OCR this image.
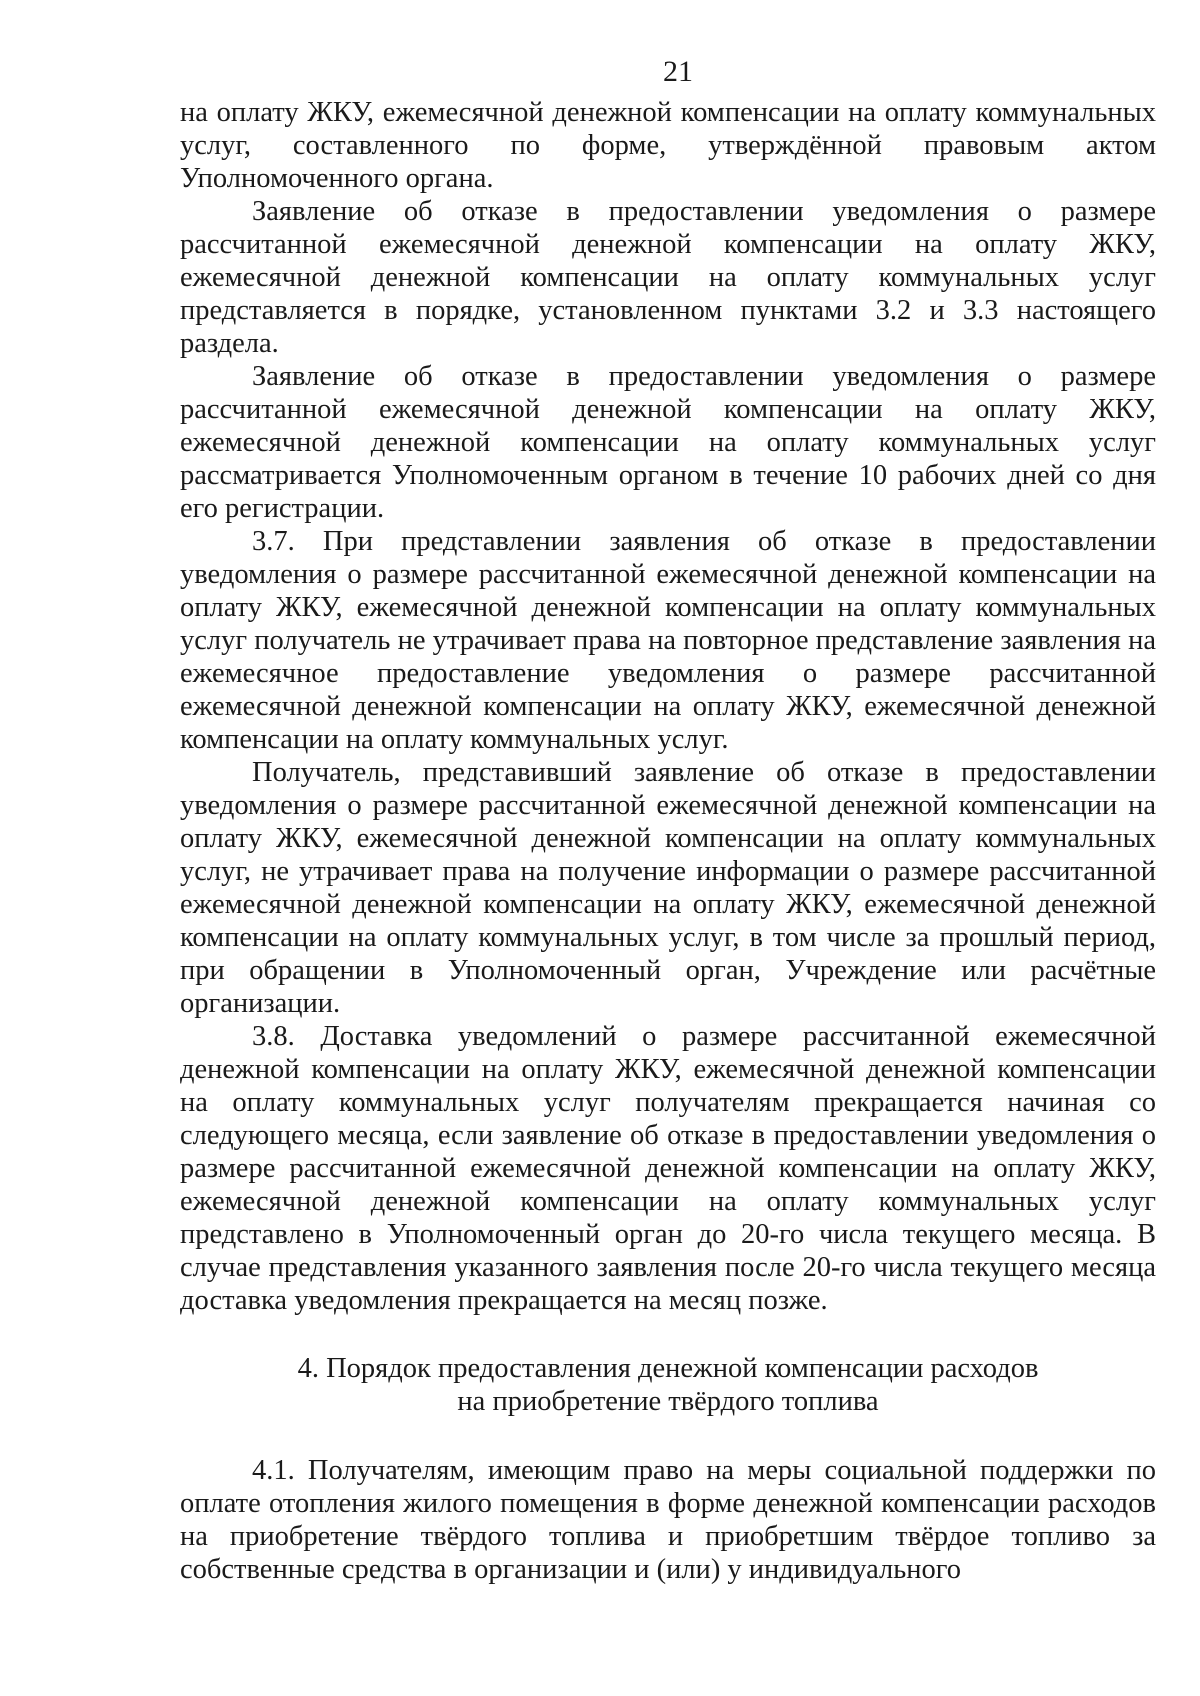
21

на оплату ЖКУ, ежемесячной денежной компенсации на оплату коммунальных услуг, составленного по форме, утверждённой правовым актом Уполномоченного органа.

Заявление об отказе в предоставлении уведомления о размере рассчитанной ежемесячной денежной компенсации на оплату ЖКУ, ежемесячной денежной компенсации на оплату коммунальных услуг представляется в порядке, установленном пунктами 3.2 и 3.3 настоящего раздела.

Заявление об отказе в предоставлении уведомления о размере рассчитанной ежемесячной денежной компенсации на оплату ЖКУ, ежемесячной денежной компенсации на оплату коммунальных услуг рассматривается Уполномоченным органом в течение 10 рабочих дней со дня его регистрации.

3.7. При представлении заявления об отказе в предоставлении уведомления о размере рассчитанной ежемесячной денежной компенсации на оплату ЖКУ, ежемесячной денежной компенсации на оплату коммунальных услуг получатель не утрачивает права на повторное представление заявления на ежемесячное предоставление уведомления о размере рассчитанной ежемесячной денежной компенсации на оплату ЖКУ, ежемесячной денежной компенсации на оплату коммунальных услуг.

Получатель, представивший заявление об отказе в предоставлении уведомления о размере рассчитанной ежемесячной денежной компенсации на оплату ЖКУ, ежемесячной денежной компенсации на оплату коммунальных услуг, не утрачивает права на получение информации о размере рассчитанной ежемесячной денежной компенсации на оплату ЖКУ, ежемесячной денежной компенсации на оплату коммунальных услуг, в том числе за прошлый период, при обращении в Уполномоченный орган, Учреждение или расчётные организации.

3.8. Доставка уведомлений о размере рассчитанной ежемесячной денежной компенсации на оплату ЖКУ, ежемесячной денежной компенсации на оплату коммунальных услуг получателям прекращается начиная со следующего месяца, если заявление об отказе в предоставлении уведомления о размере рассчитанной ежемесячной денежной компенсации на оплату ЖКУ, ежемесячной денежной компенсации на оплату коммунальных услуг представлено в Уполномоченный орган до 20-го числа текущего месяца. В случае представления указанного заявления после 20-го числа текущего месяца доставка уведомления прекращается на месяц позже.

4. Порядок предоставления денежной компенсации расходов
на приобретение твёрдого топлива

4.1. Получателям, имеющим право на меры социальной поддержки по оплате отопления жилого помещения в форме денежной компенсации расходов на приобретение твёрдого топлива и приобретшим твёрдое топливо за собственные средства в организации и (или) у индивидуального
